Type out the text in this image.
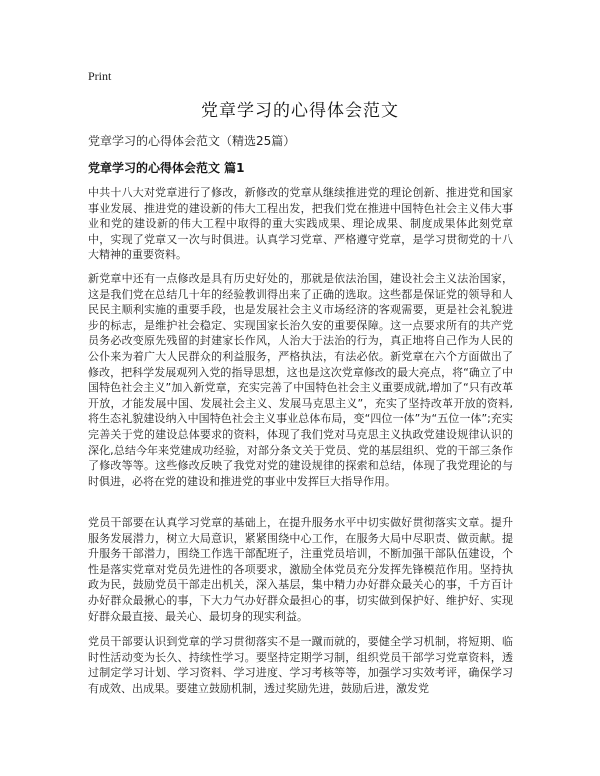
Print
党章学习的心得体会范文
党章学习的心得体会范文（精选25篇）
党章学习的心得体会范文 篇1

中共十八大对党章进行了修改，新修改的党章从继续推进党的理论创新、推进党和国家事业发展、推进党的建设新的伟大工程出发，把我们党在推进中国特色社会主义伟大事业和党的建设新的伟大工程中取得的重大实践成果、理论成果、制度成果体此刻党章中，实现了党章又一次与时俱进。认真学习党章、严格遵守党章，是学习贯彻党的十八大精神的重要资料。

新党章中还有一点修改是具有历史好处的，那就是依法治国，建设社会主义法治国家，这是我们党在总结几十年的经验教训得出来了正确的选取。这些都是保证党的领导和人民民主顺利实施的重要手段，也是发展社会主义市场经济的客观需要，更是社会礼貌进步的标志，是维护社会稳定、实现国家长治久安的重要保障。这一点要求所有的共产党员务必改变原先残留的封建家长作风，人治大于法治的行为，真正地将自己作为人民的公仆来为着广大人民群众的利益服务，严格执法，有法必依。新党章在六个方面做出了修改，把科学发展观列入党的指导思想，这也是这次党章修改的最大亮点，将“确立了中国特色社会主义”加入新党章，充实完善了中国特色社会主义重要成就,增加了“只有改革开放，才能发展中国、发展社会主义、发展马克思主义”，充实了坚持改革开放的资料,将生态礼貌建设纳入中国特色社会主义事业总体布局，变“四位一体”为“五位一体”;充实完善关于党的建设总体要求的资料，体现了我们党对马克思主义执政党建设规律认识的深化,总结今年来党建成功经验，对部分条文关于党员、党的基层组织、党的干部三条作了修改等等。这些修改反映了我党对党的建设规律的探索和总结，体现了我党理论的与时俱进，必将在党的建设和推进党的事业中发挥巨大指导作用。

党员干部要在认真学习党章的基础上，在提升服务水平中切实做好贯彻落实文章。提升服务发展潜力，树立大局意识，紧紧围绕中心工作，在服务大局中尽职责、做贡献。提升服务干部潜力，围绕工作选干部配班子，注重党员培训，不断加强干部队伍建设，个性是落实党章对党员先进性的各项要求，激励全体党员充分发挥先锋模范作用。坚持执政为民，鼓励党员干部走出机关，深入基层，集中精力办好群众最关心的事，千方百计办好群众最揪心的事，下大力气办好群众最担心的事，切实做到保护好、维护好、实现好群众最直接、最关心、最切身的现实利益。

党员干部要认识到党章的学习贯彻落实不是一蹴而就的，要健全学习机制，将短期、临时性活动变为长久、持续性学习。要坚持定期学习制，组织党员干部学习党章资料，透过制定学习计划、学习资料、学习进度、学习考核等等，加强学习实效考评，确保学习有成效、出成果。要建立鼓励机制，透过奖励先进，鼓励后进，激发党
